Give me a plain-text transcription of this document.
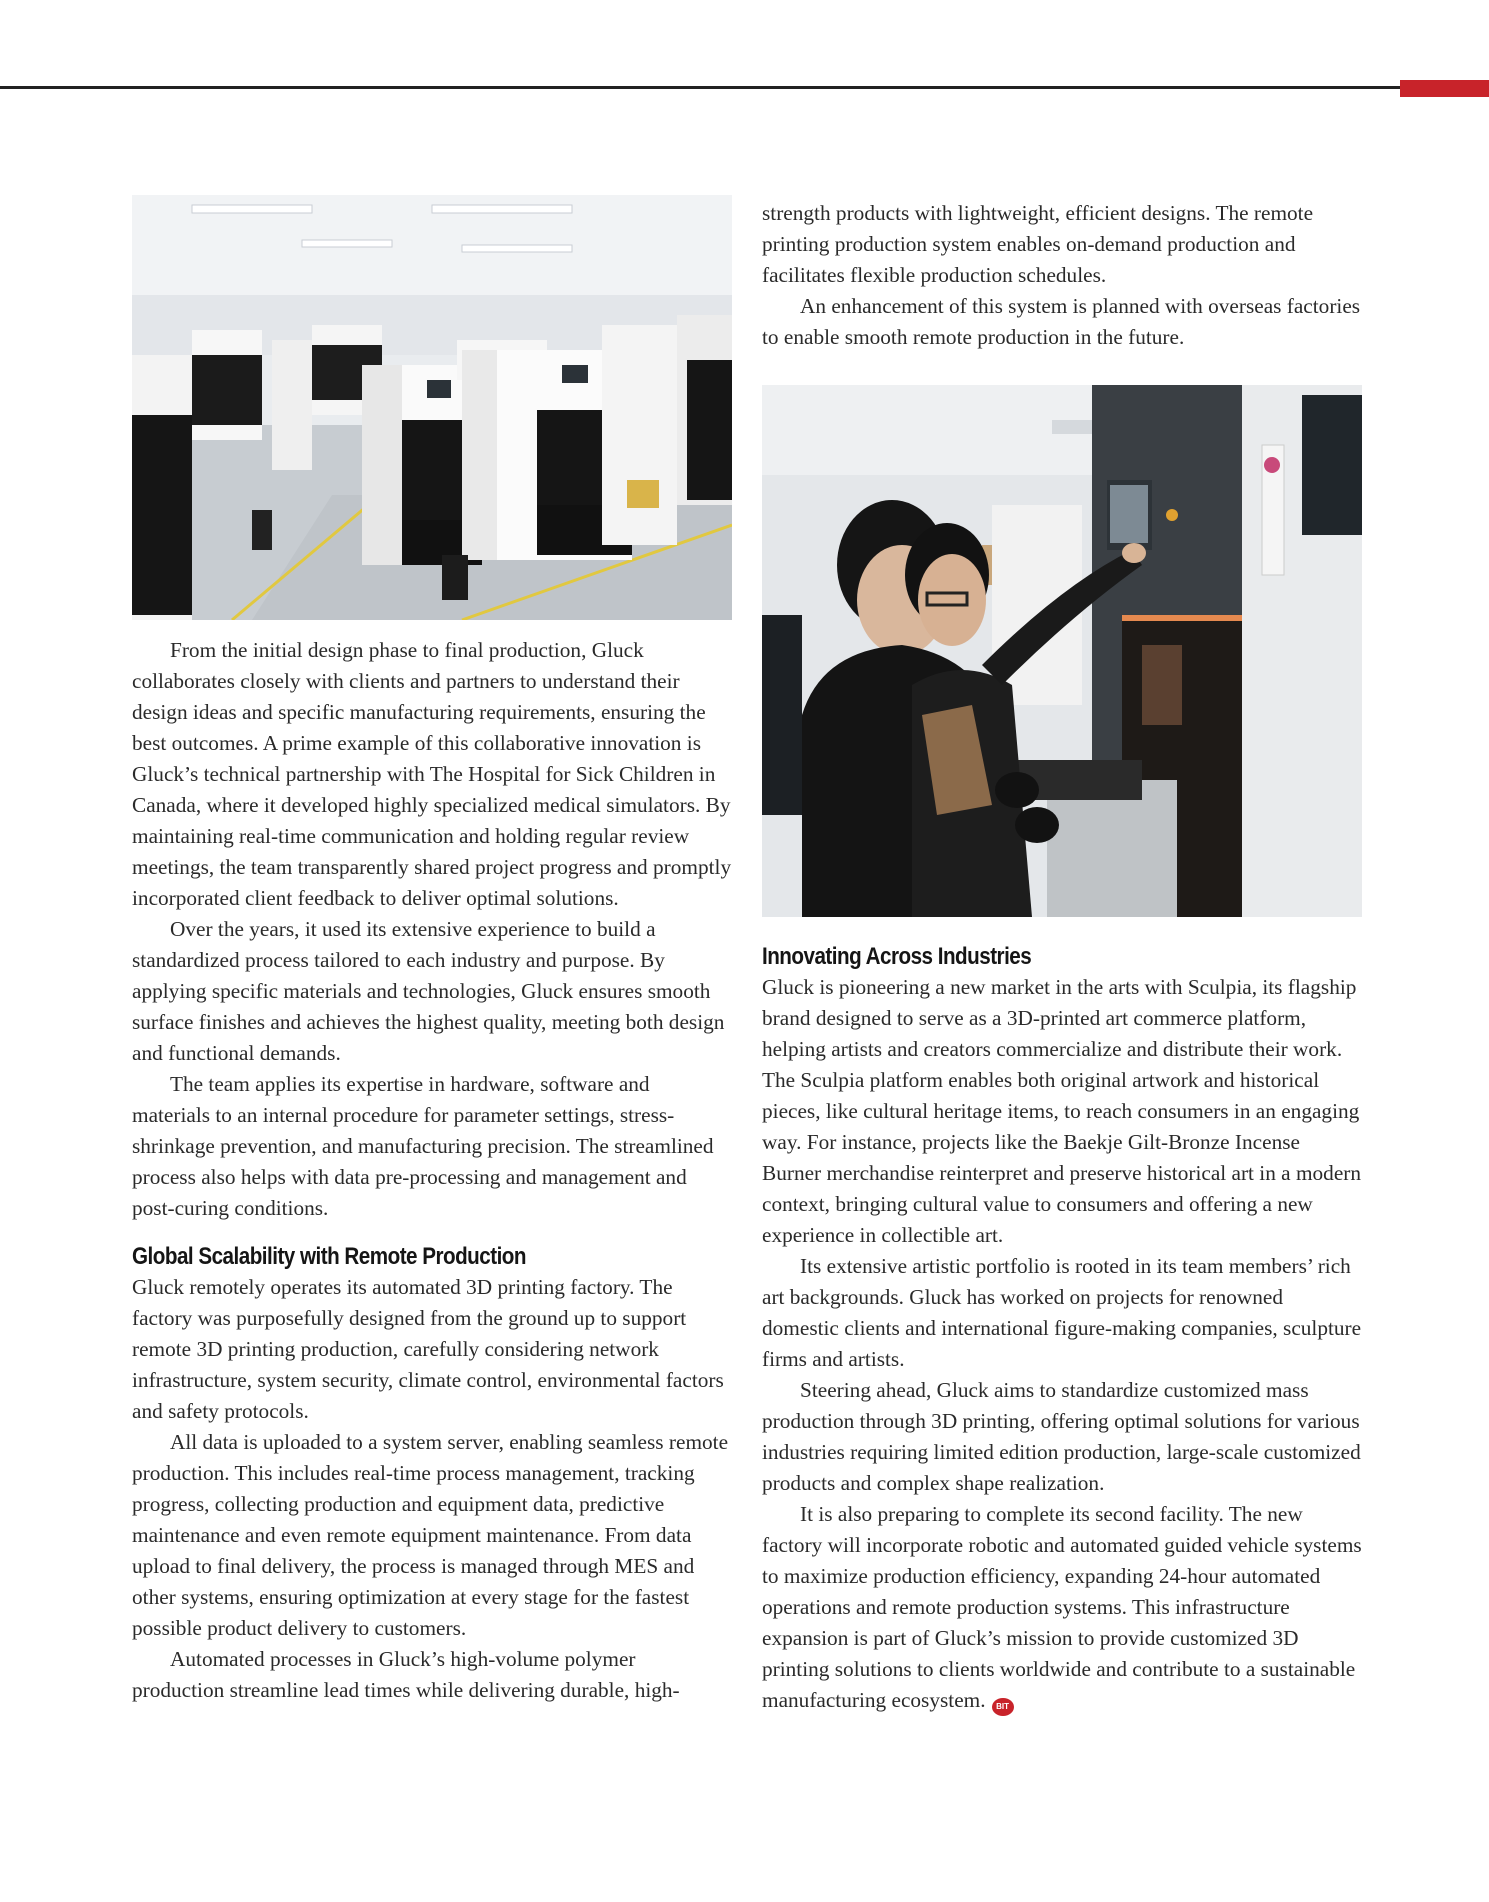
From the initial design phase to final production, Gluck collaborates closely with clients and partners to understand their design ideas and specific manufacturing requirements, ensuring the best outcomes. A prime example of this collaborative innovation is Gluck’s technical partnership with The Hospital for Sick Children in Canada, where it developed highly specialized medical simulators. By maintaining real-time communication and holding regular review meetings, the team transparently shared project progress and promptly incorporated client feedback to deliver optimal solutions.

Over the years, it used its extensive experience to build a standardized process tailored to each industry and purpose. By applying specific materials and technologies, Gluck ensures smooth surface finishes and achieves the highest quality, meeting both design and functional demands.

The team applies its expertise in hardware, software and materials to an internal procedure for parameter settings, stress-shrinkage prevention, and manufacturing precision. The streamlined process also helps with data pre-processing and management and post-curing conditions.

Global Scalability with Remote Production

Gluck remotely operates its automated 3D printing factory. The factory was purposefully designed from the ground up to support remote 3D printing production, carefully considering network infrastructure, system security, climate control, environmental factors and safety protocols.

All data is uploaded to a system server, enabling seamless remote production. This includes real-time process management, tracking progress, collecting production and equipment data, predictive maintenance and even remote equipment maintenance. From data upload to final delivery, the process is managed through MES and other systems, ensuring optimization at every stage for the fastest possible product delivery to customers.

Automated processes in Gluck’s high-volume polymer production streamline lead times while delivering durable, high-

strength products with lightweight, efficient designs. The remote printing production system enables on-demand production and facilitates flexible production schedules.

An enhancement of this system is planned with overseas factories to enable smooth remote production in the future.

Innovating Across Industries

Gluck is pioneering a new market in the arts with Sculpia, its flagship brand designed to serve as a 3D-printed art commerce platform, helping artists and creators commercialize and distribute their work. The Sculpia platform enables both original artwork and historical pieces, like cultural heritage items, to reach consumers in an engaging way. For instance, projects like the Baekje Gilt-Bronze Incense Burner merchandise reinterpret and preserve historical art in a modern context, bringing cultural value to consumers and offering a new experience in collectible art.

Its extensive artistic portfolio is rooted in its team members’ rich art backgrounds. Gluck has worked on projects for renowned domestic clients and international figure-making companies, sculpture firms and artists.

Steering ahead, Gluck aims to standardize customized mass production through 3D printing, offering optimal solutions for various industries requiring limited edition production, large-scale customized products and complex shape realization.

It is also preparing to complete its second facility. The new factory will incorporate robotic and automated guided vehicle systems to maximize production efficiency, expanding 24-hour automated operations and remote production systems. This infrastructure expansion is part of Gluck’s mission to provide customized 3D printing solutions to clients worldwide and contribute to a sustainable manufacturing ecosystem. BIT
